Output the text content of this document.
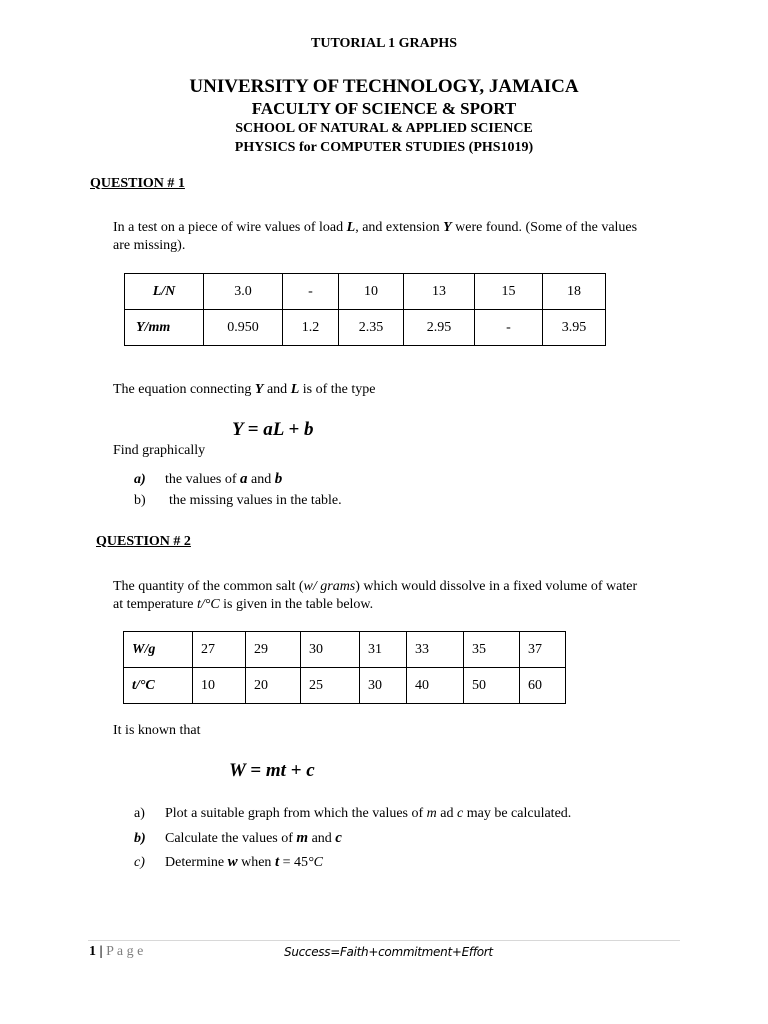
TUTORIAL 1 GRAPHS
UNIVERSITY OF TECHNOLOGY, JAMAICA
FACULTY OF SCIENCE & SPORT
SCHOOL OF NATURAL & APPLIED SCIENCE
PHYSICS for COMPUTER STUDIES (PHS1019)
QUESTION # 1
In a test on a piece of wire values of load L, and extension Y were found. (Some of the values
are missing).
L/N	3.0	-	10	13	15	18
Y/mm	0.950	1.2	2.35	2.95	-	3.95
The equation connecting Y and L is of the type
Y = aL + b
Find graphically
a) the values of a and b
b) the missing values in the table.
QUESTION # 2
The quantity of the common salt (w/ grams) which would dissolve in a fixed volume of water
at temperature t/°C is given in the table below.
W/g	27	29	30	31	33	35	37
t/°C	10	20	25	30	40	50	60
It is known that
W = mt + c
a) Plot a suitable graph from which the values of m ad c may be calculated.
b) Calculate the values of m and c
c) Determine w when t = 45°C
1 | P a g e	Success=Faith+commitment+Effort
